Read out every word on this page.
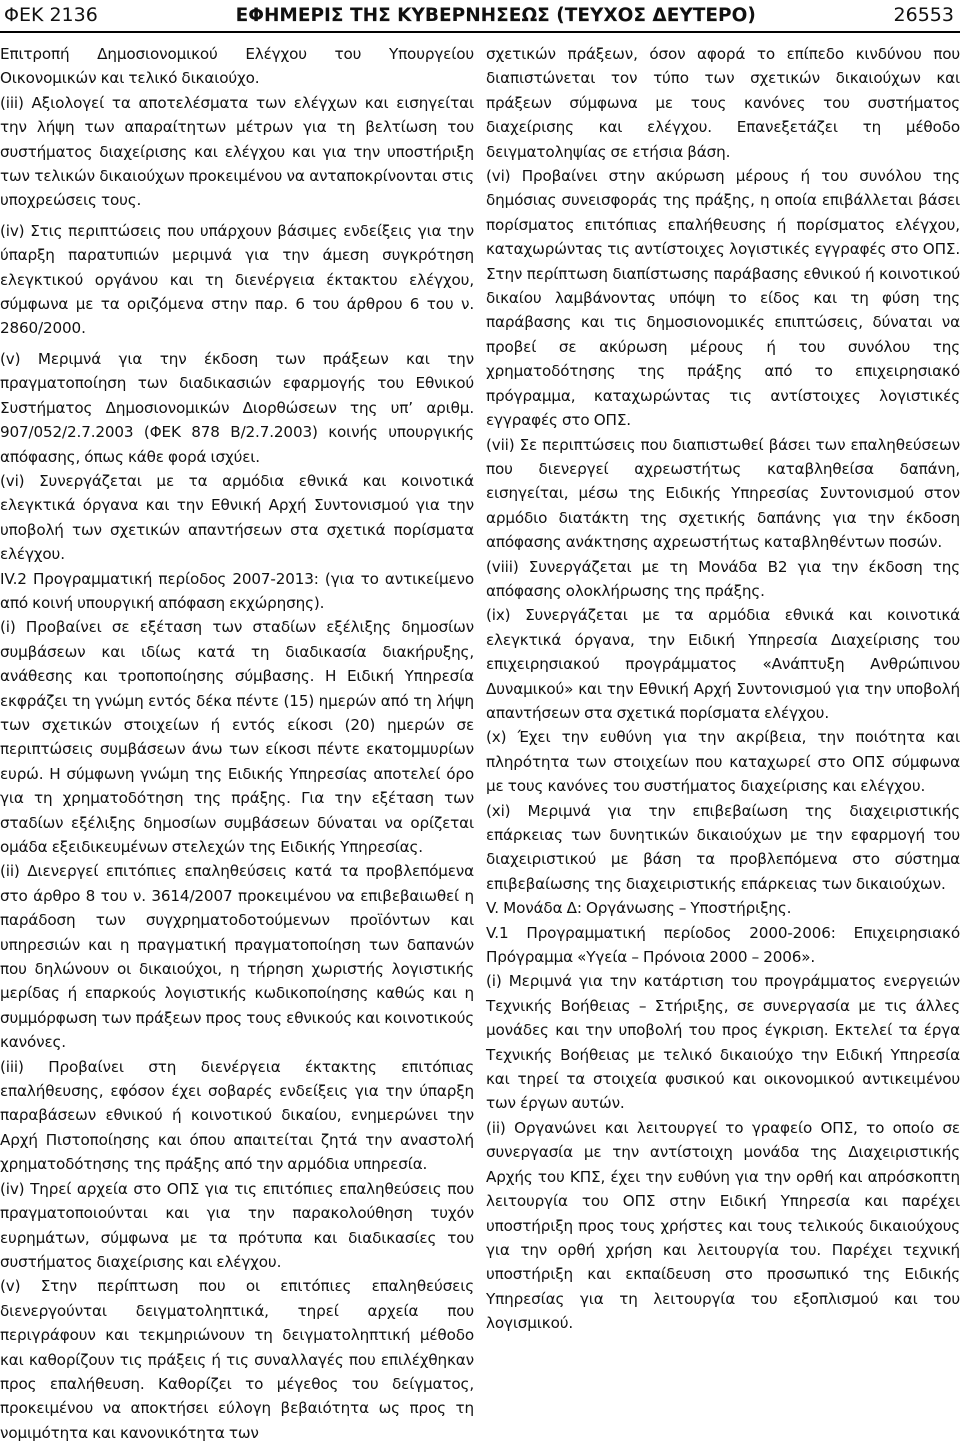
ΦΕΚ 2136	ΕΦΗΜΕΡΙΣ ΤΗΣ ΚΥΒΕΡΝΗΣΕΩΣ (ΤΕΥΧΟΣ ΔΕΥΤΕΡΟ)	26553

Επιτροπή Δημοσιονομικού Ελέγχου του Υπουργείου Οικονομικών και τελικό δικαιούχο.

(iii) Αξιολογεί τα αποτελέσματα των ελέγχων και εισηγείται την λήψη των απαραίτητων μέτρων για τη βελτίωση του συστήματος διαχείρισης και ελέγχου και για την υποστήριξη των τελικών δικαιούχων προκειμένου να ανταποκρίνονται στις υποχρεώσεις τους.

(iv) Στις περιπτώσεις που υπάρχουν βάσιμες ενδείξεις για την ύπαρξη παρατυπιών μεριμνά για την άμεση συγκρότηση ελεγκτικού οργάνου και τη διενέργεια έκτακτου ελέγχου, σύμφωνα με τα οριζόμενα στην παρ. 6 του άρθρου 6 του ν. 2860/2000.

(v) Μεριμνά για την έκδοση των πράξεων και την πραγματοποίηση των διαδικασιών εφαρμογής του Εθνικού Συστήματος Δημοσιονομικών Διορθώσεων της υπ’ αριθμ. 907/052/2.7.2003 (ΦΕΚ 878 Β/2.7.2003) κοινής υπουργικής απόφασης, όπως κάθε φορά ισχύει.

(vi) Συνεργάζεται με τα αρμόδια εθνικά και κοινοτικά ελεγκτικά όργανα και την Εθνική Αρχή Συντονισμού για την υποβολή των σχετικών απαντήσεων στα σχετικά πορίσματα ελέγχου.

IV.2 Προγραμματική περίοδος 2007-2013: (για το αντικείμενο από κοινή υπουργική απόφαση εκχώρησης).

(i) Προβαίνει σε εξέταση των σταδίων εξέλιξης δημοσίων συμβάσεων και ιδίως κατά τη διαδικασία διακήρυξης, ανάθεσης και τροποποίησης σύμβασης. Η Ειδική Υπηρεσία εκφράζει τη γνώμη εντός δέκα πέντε (15) ημερών από τη λήψη των σχετικών στοιχείων ή εντός είκοσι (20) ημερών σε περιπτώσεις συμβάσεων άνω των είκοσι πέντε εκατομμυρίων ευρώ. Η σύμφωνη γνώμη της Ειδικής Υπηρεσίας αποτελεί όρο για τη χρηματοδότηση της πράξης. Για την εξέταση των σταδίων εξέλιξης δημοσίων συμβάσεων δύναται να ορίζεται ομάδα εξειδικευμένων στελεχών της Ειδικής Υπηρεσίας.

(ii) Διενεργεί επιτόπιες επαληθεύσεις κατά τα προβλεπόμενα στο άρθρο 8 του ν. 3614/2007 προκειμένου να επιβεβαιωθεί η παράδοση των συγχρηματοδοτούμενων προϊόντων και υπηρεσιών και η πραγματική πραγματοποίηση των δαπανών που δηλώνουν οι δικαιούχοι, η τήρηση χωριστής λογιστικής μερίδας ή επαρκούς λογιστικής κωδικοποίησης καθώς και η συμμόρφωση των πράξεων προς τους εθνικούς και κοινοτικούς κανόνες.

(iii) Προβαίνει στη διενέργεια έκτακτης επιτόπιας επαλήθευσης, εφόσον έχει σοβαρές ενδείξεις για την ύπαρξη παραβάσεων εθνικού ή κοινοτικού δικαίου, ενημερώνει την Αρχή Πιστοποίησης και όπου απαιτείται ζητά την αναστολή χρηματοδότησης της πράξης από την αρμόδια υπηρεσία.

(iv) Τηρεί αρχεία στο ΟΠΣ για τις επιτόπιες επαληθεύσεις που πραγματοποιούνται και για την παρακολούθηση τυχόν ευρημάτων, σύμφωνα με τα πρότυπα και διαδικασίες του συστήματος διαχείρισης και ελέγχου.

(v) Στην περίπτωση που οι επιτόπιες επαληθεύσεις διενεργούνται δειγματοληπτικά, τηρεί αρχεία που περιγράφουν και τεκμηριώνουν τη δειγματοληπτική μέθοδο και καθορίζουν τις πράξεις ή τις συναλλαγές που επιλέχθηκαν προς επαλήθευση. Καθορίζει το μέγεθος του δείγματος, προκειμένου να αποκτήσει εύλογη βεβαιότητα ως προς τη νομιμότητα και κανονικότητα των

σχετικών πράξεων, όσον αφορά το επίπεδο κινδύνου που διαπιστώνεται τον τύπο των σχετικών δικαιούχων και πράξεων σύμφωνα με τους κανόνες του συστήματος διαχείρισης και ελέγχου. Επανεξετάζει τη μέθοδο δειγματοληψίας σε ετήσια βάση.

(vi) Προβαίνει στην ακύρωση μέρους ή του συνόλου της δημόσιας συνεισφοράς της πράξης, η οποία επιβάλλεται βάσει πορίσματος επιτόπιας επαλήθευσης ή πορίσματος ελέγχου, καταχωρώντας τις αντίστοιχες λογιστικές εγγραφές στο ΟΠΣ. Στην περίπτωση διαπίστωσης παράβασης εθνικού ή κοινοτικού δικαίου λαμβάνοντας υπόψη το είδος και τη φύση της παράβασης και τις δημοσιονομικές επιπτώσεις, δύναται να προβεί σε ακύρωση μέρους ή του συνόλου της χρηματοδότησης της πράξης από το επιχειρησιακό πρόγραμμα, καταχωρώντας τις αντίστοιχες λογιστικές εγγραφές στο ΟΠΣ.

(vii) Σε περιπτώσεις που διαπιστωθεί βάσει των επαληθεύσεων που διενεργεί αχρεωστήτως καταβληθείσα δαπάνη, εισηγείται, μέσω της Ειδικής Υπηρεσίας Συντονισμού στον αρμόδιο διατάκτη της σχετικής δαπάνης για την έκδοση απόφασης ανάκτησης αχρεωστήτως καταβληθέντων ποσών.

(viii) Συνεργάζεται με τη Μονάδα Β2 για την έκδοση της απόφασης ολοκλήρωσης της πράξης.

(ix) Συνεργάζεται με τα αρμόδια εθνικά και κοινοτικά ελεγκτικά όργανα, την Ειδική Υπηρεσία Διαχείρισης του επιχειρησιακού προγράμματος «Ανάπτυξη Ανθρώπινου Δυναμικού» και την Εθνική Αρχή Συντονισμού για την υποβολή απαντήσεων στα σχετικά πορίσματα ελέγχου.

(x) Έχει την ευθύνη για την ακρίβεια, την ποιότητα και πληρότητα των στοιχείων που καταχωρεί στο ΟΠΣ σύμφωνα με τους κανόνες του συστήματος διαχείρισης και ελέγχου.

(xi) Μεριμνά για την επιβεβαίωση της διαχειριστικής επάρκειας των δυνητικών δικαιούχων με την εφαρμογή του διαχειριστικού με βάση τα προβλεπόμενα στο σύστημα επιβεβαίωσης της διαχειριστικής επάρκειας των δικαιούχων.

V. Μονάδα Δ: Οργάνωσης – Υποστήριξης.

V.1 Προγραμματική περίοδος 2000-2006: Επιχειρησιακό Πρόγραμμα «Υγεία – Πρόνοια 2000 – 2006».

(i) Μεριμνά για την κατάρτιση του προγράμματος ενεργειών Τεχνικής Βοήθειας – Στήριξης, σε συνεργασία με τις άλλες μονάδες και την υποβολή του προς έγκριση. Εκτελεί τα έργα Τεχνικής Βοήθειας με τελικό δικαιούχο την Ειδική Υπηρεσία και τηρεί τα στοιχεία φυσικού και οικονομικού αντικειμένου των έργων αυτών.

(ii) Οργανώνει και λειτουργεί το γραφείο ΟΠΣ, το οποίο σε συνεργασία με την αντίστοιχη μονάδα της Διαχειριστικής Αρχής του ΚΠΣ, έχει την ευθύνη για την ορθή και απρόσκοπτη λειτουργία του ΟΠΣ στην Ειδική Υπηρεσία και παρέχει υποστήριξη προς τους χρήστες και τους τελικούς δικαιούχους για την ορθή χρήση και λειτουργία του. Παρέχει τεχνική υποστήριξη και εκπαίδευση στο προσωπικό της Ειδικής Υπηρεσίας για τη λειτουργία του εξοπλισμού και του λογισμικού.
